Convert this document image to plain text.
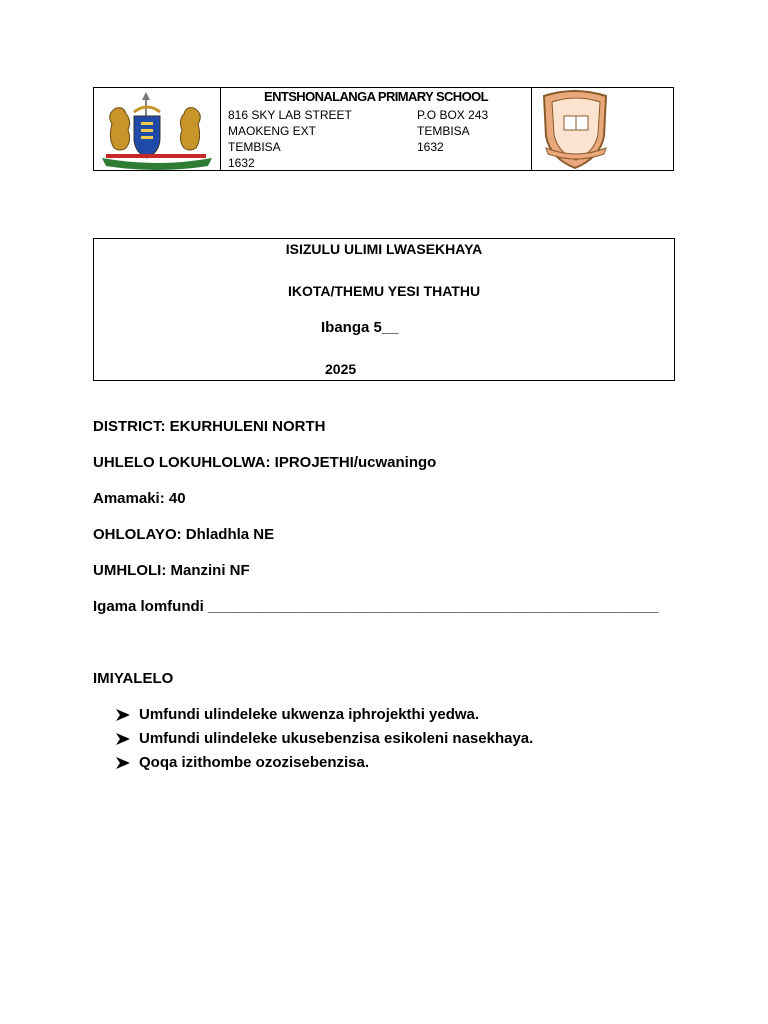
ENTSHONALANGA PRIMARY SCHOOL
816 SKY LAB STREET
MAOKENG EXT
TEMBISA
1632
P.O BOX 243
TEMBISA
1632
ISIZULU ULIMI LWASEKHAYA
IKOTA/THEMU YESI THATHU
Ibanga 5__
2025
DISTRICT: EKURHULENI NORTH
UHLELO LOKUHLOLWA: IPROJETHI/ucwaningo
Amamaki: 40
OHLOLAYO: Dhladhla NE
UMHLOLI: Manzini NF
Igama lomfundi ______________________________________________________
IMIYALELO
Umfundi ulindeleke ukwenza iphrojekthi yedwa.
Umfundi ulindeleke ukusebenzisa esikoleni nasekhaya.
Qoqa izithombe ozozisebenzisa.
